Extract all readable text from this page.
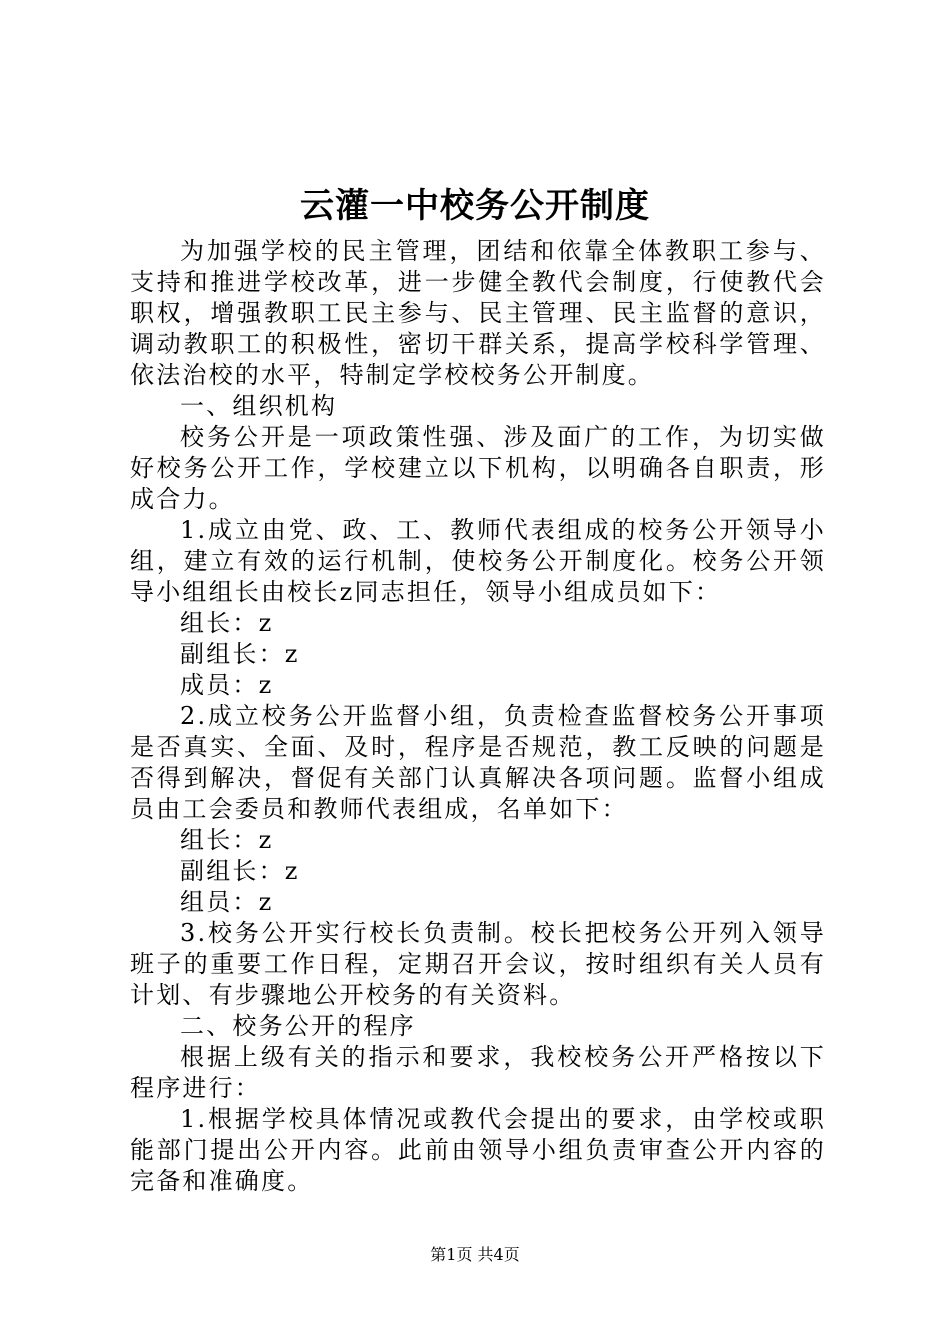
云灌一中校务公开制度

为加强学校的民主管理，团结和依靠全体教职工参与、支持和推进学校改革，进一步健全教代会制度，行使教代会职权，增强教职工民主参与、民主管理、民主监督的意识，调动教职工的积极性，密切干群关系，提高学校科学管理、依法治校的水平，特制定学校校务公开制度。

一、组织机构

校务公开是一项政策性强、涉及面广的工作，为切实做好校务公开工作，学校建立以下机构，以明确各自职责，形成合力。

1.成立由党、政、工、教师代表组成的校务公开领导小组，建立有效的运行机制，使校务公开制度化。校务公开领导小组组长由校长z同志担任，领导小组成员如下：

组长：z

副组长：z

成员：z

2.成立校务公开监督小组，负责检查监督校务公开事项是否真实、全面、及时，程序是否规范，教工反映的问题是否得到解决，督促有关部门认真解决各项问题。监督小组成员由工会委员和教师代表组成，名单如下：

组长：z

副组长：z

组员：z

3.校务公开实行校长负责制。校长把校务公开列入领导班子的重要工作日程，定期召开会议，按时组织有关人员有计划、有步骤地公开校务的有关资料。

二、校务公开的程序

根据上级有关的指示和要求，我校校务公开严格按以下程序进行：

1.根据学校具体情况或教代会提出的要求，由学校或职能部门提出公开内容。此前由领导小组负责审查公开内容的完备和准确度。

第1页 共4页
